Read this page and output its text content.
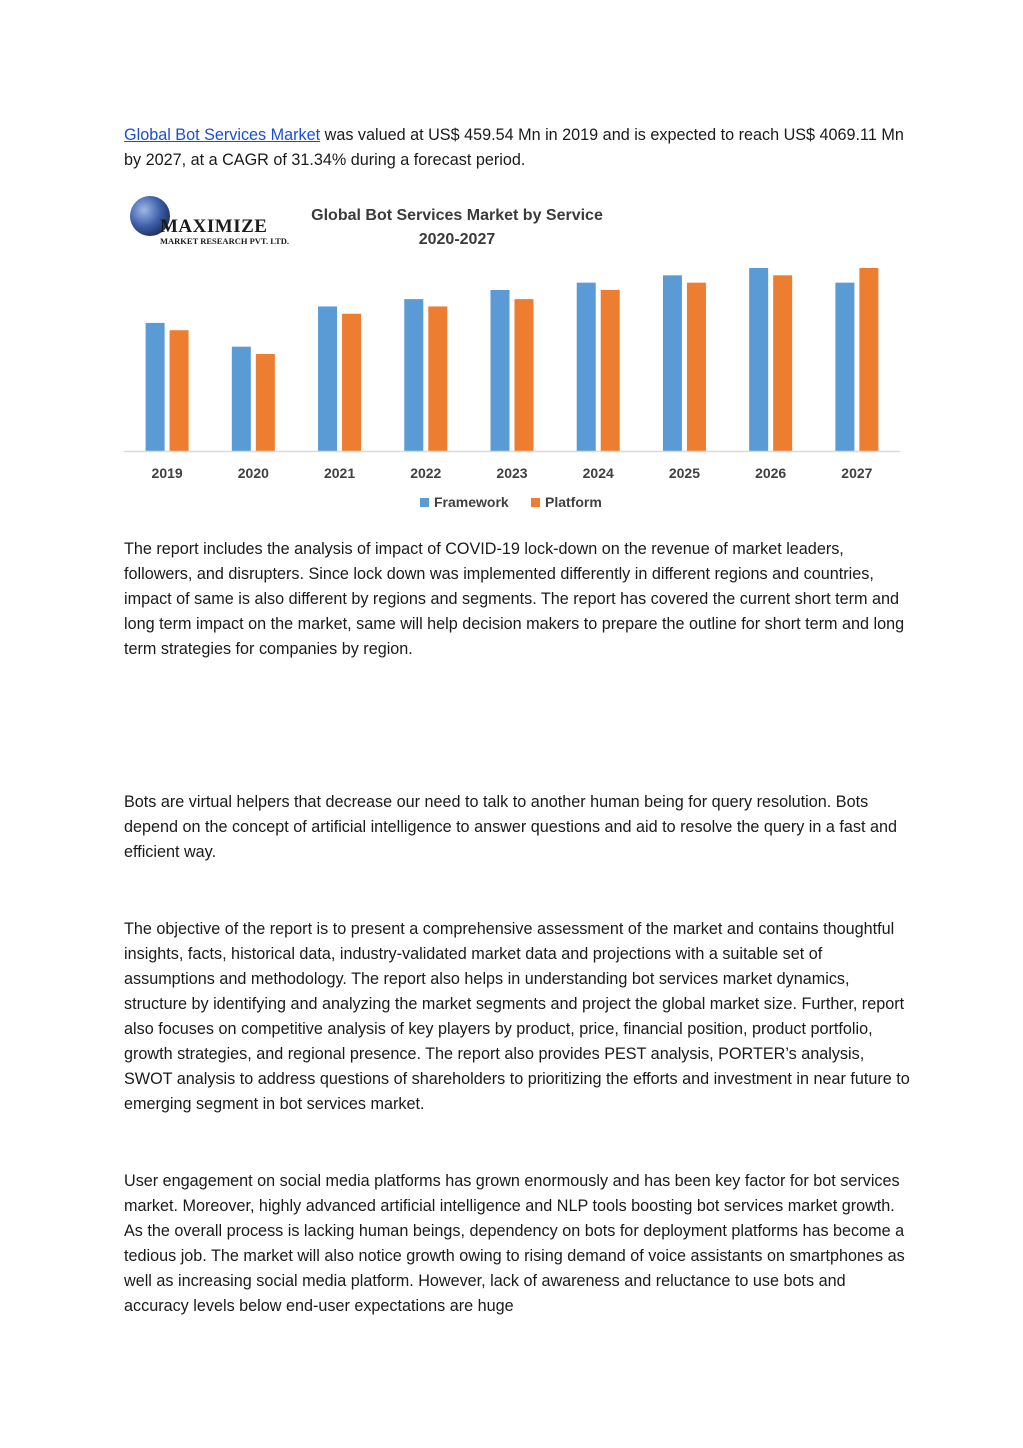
Global Bot Services Market was valued at US$ 459.54 Mn in 2019 and is expected to reach US$ 4069.11 Mn by 2027, at a CAGR of 31.34% during a forecast period.

Global Bot Services Market by Service
2020-2027
2019	2020	2021	2022	2023	2024	2025	2026	2027
Framework	Platform
MAXIMIZE
MARKET RESEARCH PVT. LTD.

The report includes the analysis of impact of COVID-19 lock-down on the revenue of market leaders, followers, and disrupters. Since lock down was implemented differently in different regions and countries, impact of same is also different by regions and segments. The report has covered the current short term and long term impact on the market, same will help decision makers to prepare the outline for short term and long term strategies for companies by region.

Bots are virtual helpers that decrease our need to talk to another human being for query resolution. Bots depend on the concept of artificial intelligence to answer questions and aid to resolve the query in a fast and efficient way.

The objective of the report is to present a comprehensive assessment of the market and contains thoughtful insights, facts, historical data, industry-validated market data and projections with a suitable set of assumptions and methodology. The report also helps in understanding bot services market dynamics, structure by identifying and analyzing the market segments and project the global market size. Further, report also focuses on competitive analysis of key players by product, price, financial position, product portfolio, growth strategies, and regional presence. The report also provides PEST analysis, PORTER’s analysis, SWOT analysis to address questions of shareholders to prioritizing the efforts and investment in near future to emerging segment in bot services market.

User engagement on social media platforms has grown enormously and has been key factor for bot services market. Moreover, highly advanced artificial intelligence and NLP tools boosting bot services market growth. As the overall process is lacking human beings, dependency on bots for deployment platforms has become a tedious job. The market will also notice growth owing to rising demand of voice assistants on smartphones as well as increasing social media platform. However, lack of awareness and reluctance to use bots and accuracy levels below end-user expectations are huge
